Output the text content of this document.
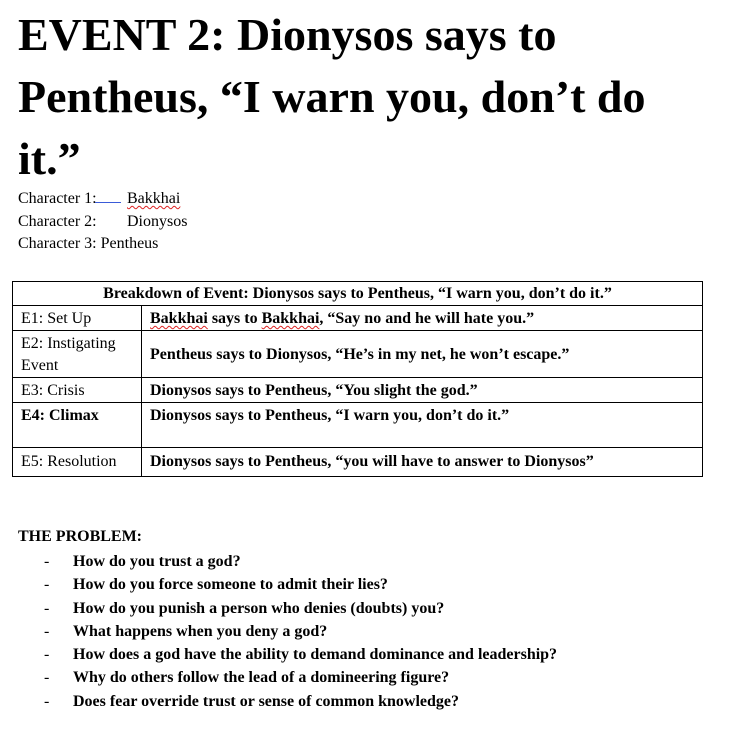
EVENT 2: Dionysos says to Pentheus, “I warn you, don’t do it.”
Character 1: Bakkhai
Character 2: Dionysos
Character 3: Pentheus
Breakdown of Event: Dionysos says to Pentheus, “I warn you, don’t do it.”	
E1: Set Up	Bakkhai says to Bakkhai, “Say no and he will hate you.”
E2: Instigating Event	Pentheus says to Dionysos, “He’s in my net, he won’t escape.”
E3: Crisis	Dionysos says to Pentheus, “You slight the god.”
E4: Climax	Dionysos says to Pentheus, “I warn you, don’t do it.”
E5: Resolution	Dionysos says to Pentheus, “you will have to answer to Dionysos”
THE PROBLEM:
- How do you trust a god?
- How do you force someone to admit their lies?
- How do you punish a person who denies (doubts) you?
- What happens when you deny a god?
- How does a god have the ability to demand dominance and leadership?
- Why do others follow the lead of a domineering figure?
- Does fear override trust or sense of common knowledge?
